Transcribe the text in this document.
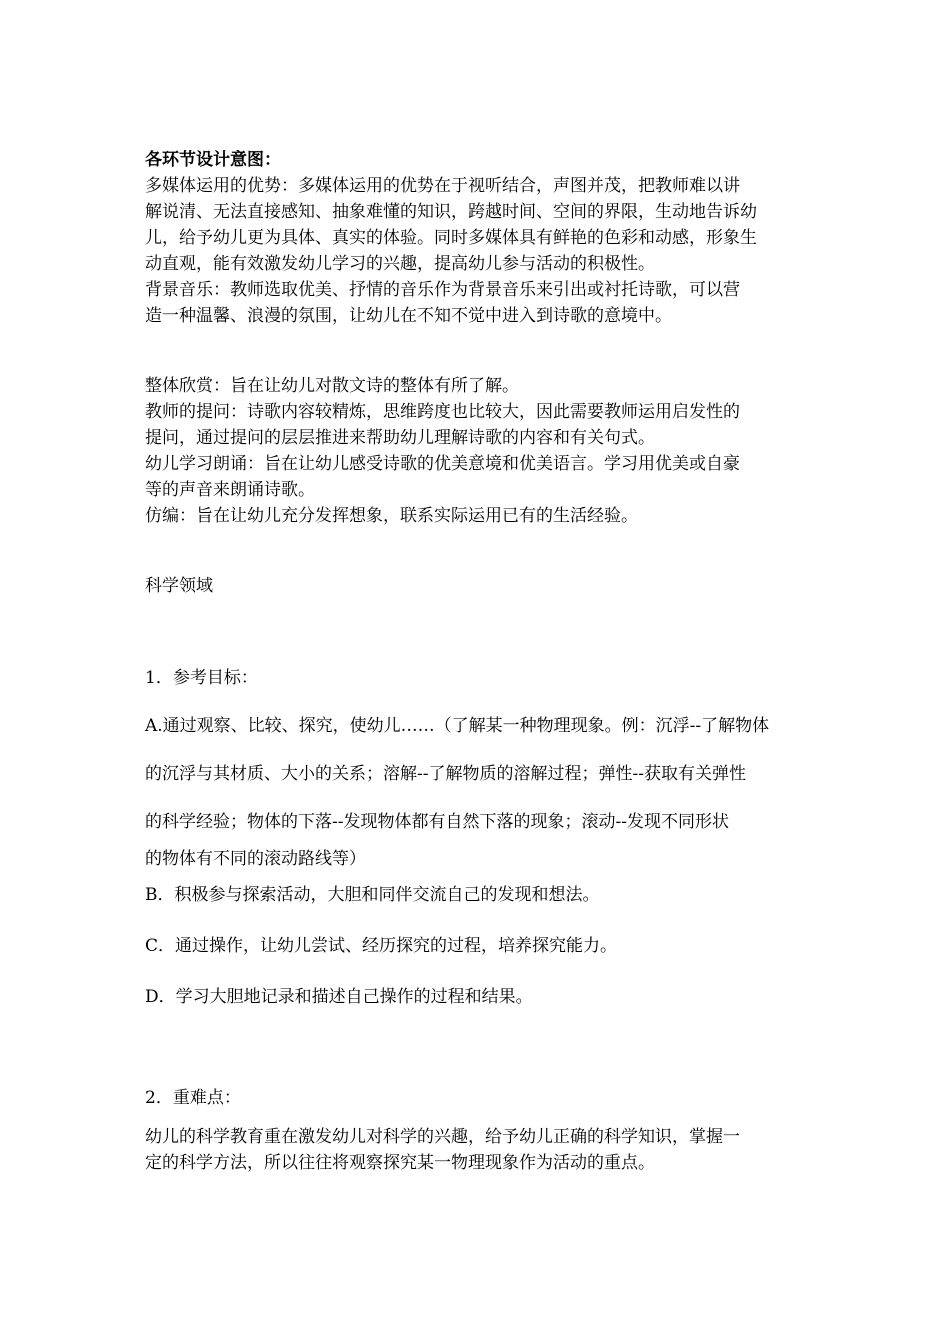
各环节设计意图：
多媒体运用的优势：多媒体运用的优势在于视听结合，声图并茂，把教师难以讲
解说清、无法直接感知、抽象难懂的知识，跨越时间、空间的界限，生动地告诉幼
儿，给予幼儿更为具体、真实的体验。同时多媒体具有鲜艳的色彩和动感，形象生
动直观，能有效激发幼儿学习的兴趣，提高幼儿参与活动的积极性。
背景音乐：教师选取优美、抒情的音乐作为背景音乐来引出或衬托诗歌，可以营
造一种温馨、浪漫的氛围，让幼儿在不知不觉中进入到诗歌的意境中。
整体欣赏：旨在让幼儿对散文诗的整体有所了解。
教师的提问：诗歌内容较精炼，思维跨度也比较大，因此需要教师运用启发性的
提问，通过提问的层层推进来帮助幼儿理解诗歌的内容和有关句式。
幼儿学习朗诵：旨在让幼儿感受诗歌的优美意境和优美语言。学习用优美或自豪
等的声音来朗诵诗歌。
仿编：旨在让幼儿充分发挥想象，联系实际运用已有的生活经验。
科学领域
1．参考目标：
A.通过观察、比较、探究，使幼儿……（了解某一种物理现象。例：沉浮--了解物体
的沉浮与其材质、大小的关系；溶解--了解物质的溶解过程；弹性--获取有关弹性
的科学经验；物体的下落--发现物体都有自然下落的现象；滚动--发现不同形状
的物体有不同的滚动路线等）
B．积极参与探索活动，大胆和同伴交流自己的发现和想法。
C．通过操作，让幼儿尝试、经历探究的过程，培养探究能力。
D．学习大胆地记录和描述自己操作的过程和结果。
2．重难点：
幼儿的科学教育重在激发幼儿对科学的兴趣，给予幼儿正确的科学知识，掌握一
定的科学方法，所以往往将观察探究某一物理现象作为活动的重点。
